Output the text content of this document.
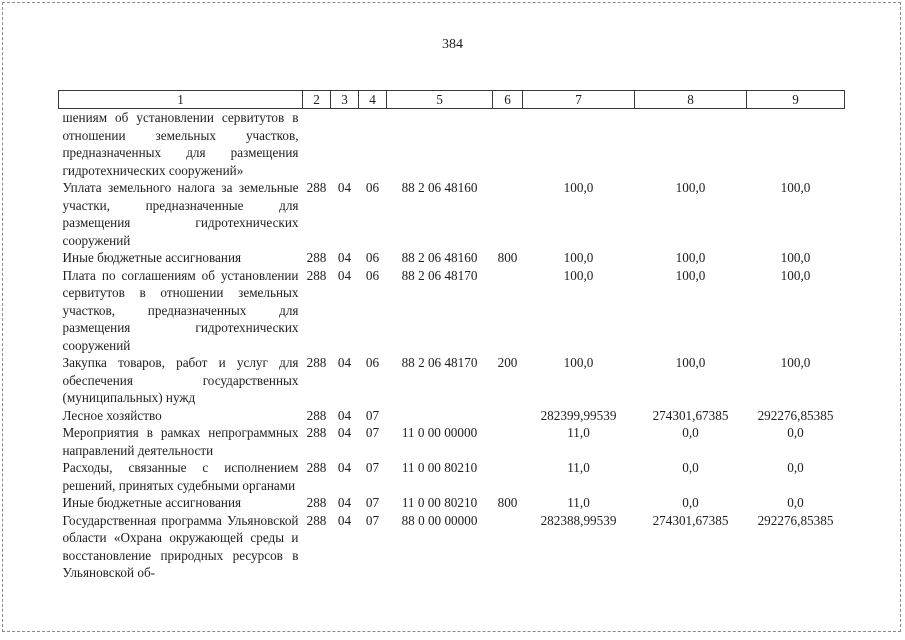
384
1	2	3	4	5	6	7	8	9
шениям об установлении сервитутов в отношении земельных участков, предназначенных для размещения гидротехнических сооружений»								
Уплата земельного налога за земельные участки, предназначенные для размещения гидротехнических сооружений	288	04	06	88 2 06 48160		100,0	100,0	100,0
Иные бюджетные ассигнования	288	04	06	88 2 06 48160	800	100,0	100,0	100,0
Плата по соглашениям об установлении сервитутов в отношении земельных участков, предназначенных для размещения гидротехнических сооружений	288	04	06	88 2 06 48170		100,0	100,0	100,0
Закупка товаров, работ и услуг для обеспечения государственных (муниципальных) нужд	288	04	06	88 2 06 48170	200	100,0	100,0	100,0
Лесное хозяйство	288	04	07			282399,99539	274301,67385	292276,85385
Мероприятия в рамках непрограммных направлений деятельности	288	04	07	11 0 00 00000		11,0	0,0	0,0
Расходы, связанные с исполнением решений, принятых судебными органами	288	04	07	11 0 00 80210		11,0	0,0	0,0
Иные бюджетные ассигнования	288	04	07	11 0 00 80210	800	11,0	0,0	0,0
Государственная программа Ульяновской области «Охрана окружающей среды и восстановление природных ресурсов в Ульяновской об-	288	04	07	88 0 00 00000		282388,99539	274301,67385	292276,85385
